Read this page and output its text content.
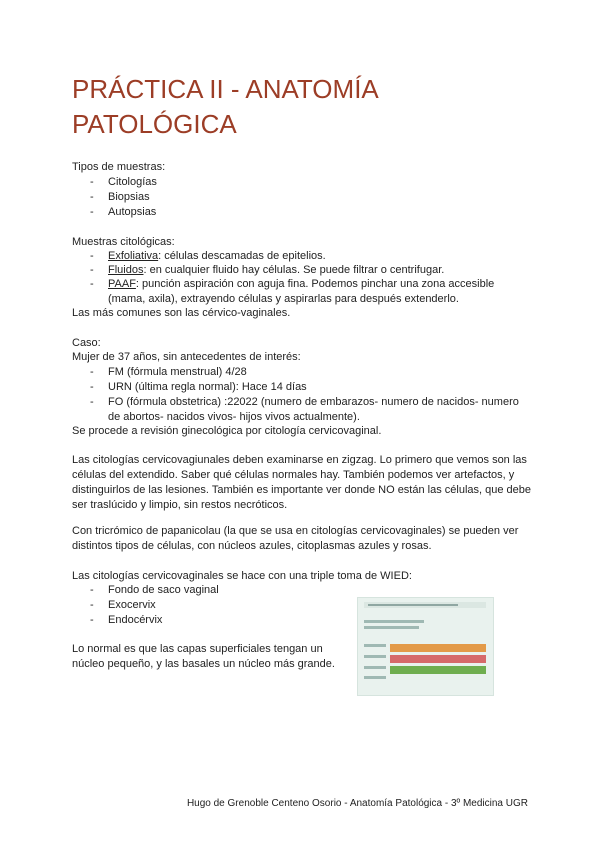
PRÁCTICA II - ANATOMÍA PATOLÓGICA
Tipos de muestras:
- Citologías
- Biopsias
- Autopsias
Muestras citológicas:
- Exfoliativa: células descamadas de epitelios.
- Fluidos: en cualquier fluido hay células. Se puede filtrar o centrifugar.
- PAAF: punción aspiración con aguja fina. Podemos pinchar una zona accesible (mama, axila), extrayendo células y aspirarlas para después extenderlo.
Las más comunes son las cérvico-vaginales.
Caso:
Mujer de 37 años, sin antecedentes de interés:
- FM (fórmula menstrual) 4/28
- URN (última regla normal): Hace 14 días
- FO (fórmula obstetrica) :22022 (numero de embarazos- numero de nacidos- numero de abortos- nacidos vivos- hijos vivos actualmente).
Se procede a revisión ginecológica por citología cervicovaginal.
Las citologías cervicovagiunales deben examinarse en zigzag. Lo primero que vemos son las células del extendido. Saber qué células normales hay. También podemos ver artefactos, y distinguirlos de las lesiones. También es importante ver donde NO están las células, que debe ser traslúcido y limpio, sin restos necróticos.
Con tricrómico de papanicolau (la que se usa en citologías cervicovaginales) se pueden ver distintos tipos de células, con núcleos azules, citoplasmas azules y rosas.
Las citologías cervicovaginales se hace con una triple toma de WIED:
- Fondo de saco vaginal
- Exocervix
- Endocérvix
Lo normal es que las capas superficiales tengan un núcleo pequeño, y las basales un núcleo más grande.
Hugo de Grenoble Centeno Osorio - Anatomía Patológica - 3º Medicina UGR
